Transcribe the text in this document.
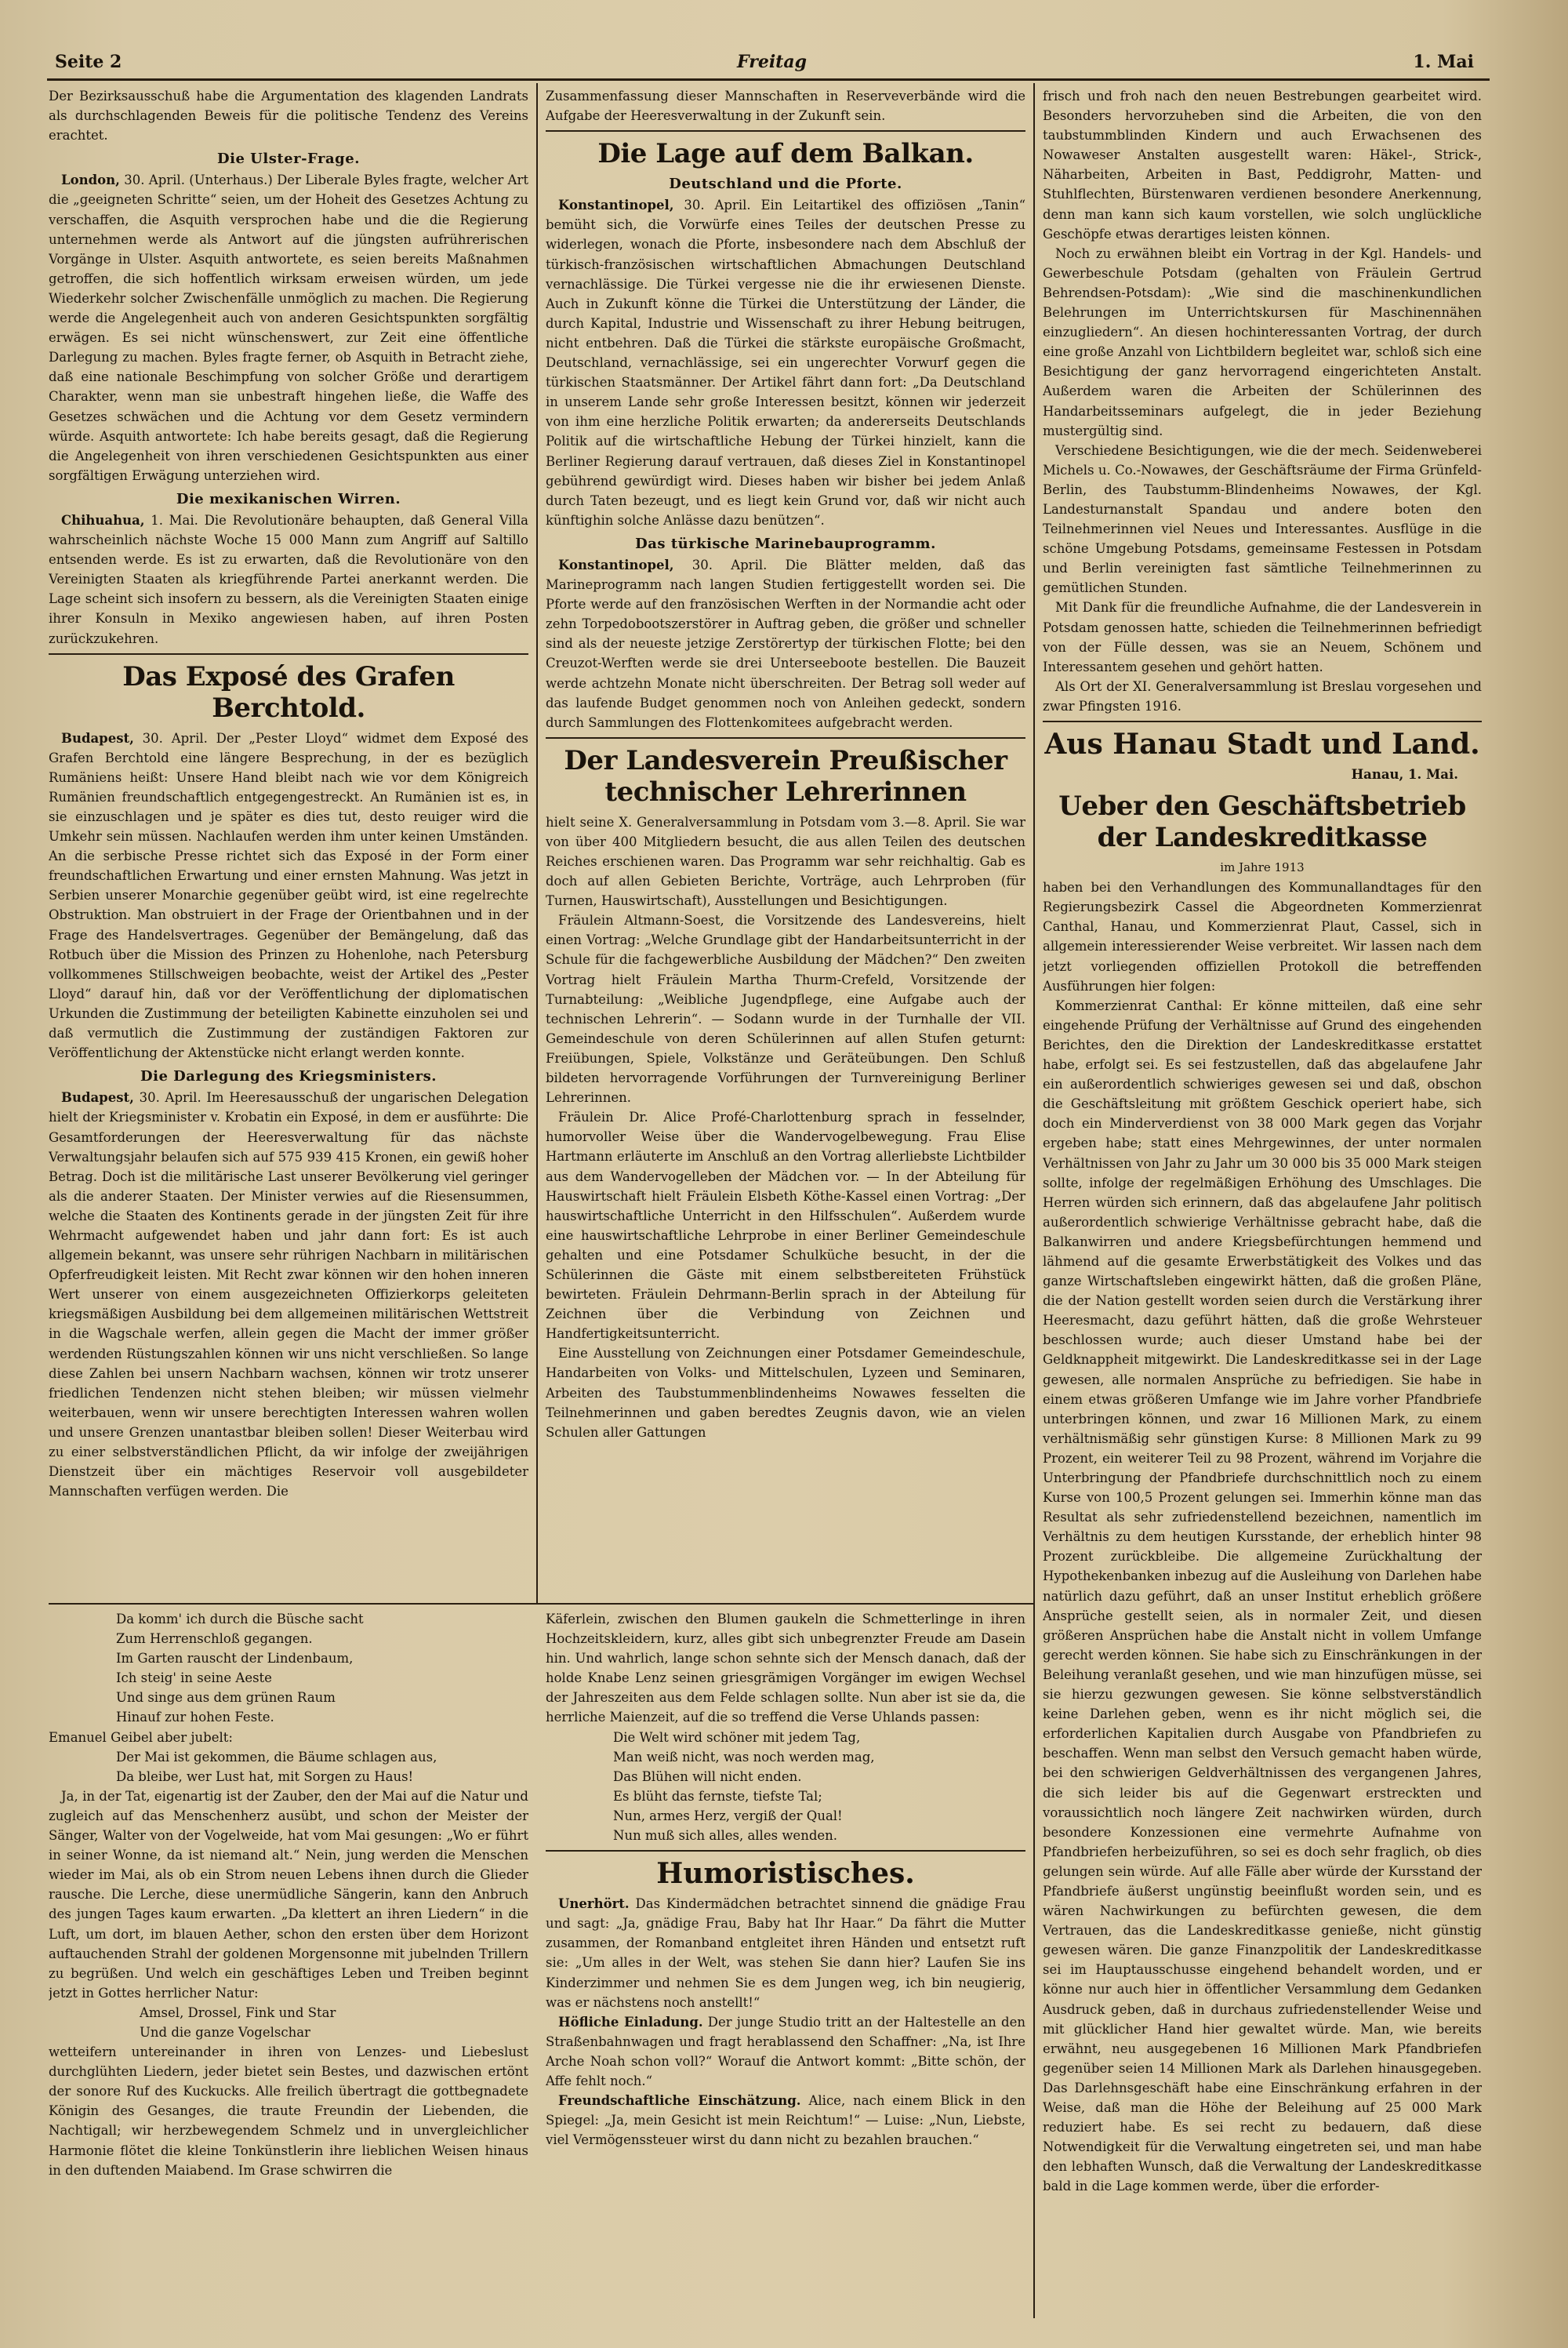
Seite 2	Freitag	1. Mai

Der Bezirksausschuß habe die Argumentation des klagenden Landrats als durchschlagenden Beweis für die politische Tendenz des Vereins erachtet.

Die Ulster-Frage.

London, 30. April. (Unterhaus.) Der Liberale Byles fragte, welcher Art die „geeigneten Schritte“ seien, um der Hoheit des Gesetzes Achtung zu verschaffen, die Asquith versprochen habe und die die Regierung unternehmen werde als Antwort auf die jüngsten aufrührerischen Vorgänge in Ulster. Asquith antwortete, es seien bereits Maßnahmen getroffen, die sich hoffentlich wirksam erweisen würden, um jede Wiederkehr solcher Zwischenfälle unmöglich zu machen. Die Regierung werde die Angelegenheit auch von anderen Gesichtspunkten sorgfältig erwägen. Es sei nicht wünschenswert, zur Zeit eine öffentliche Darlegung zu machen. Byles fragte ferner, ob Asquith in Betracht ziehe, daß eine nationale Beschimpfung von solcher Größe und derartigem Charakter, wenn man sie unbestraft hingehen ließe, die Waffe des Gesetzes schwächen und die Achtung vor dem Gesetz vermindern würde. Asquith antwortete: Ich habe bereits gesagt, daß die Regierung die Angelegenheit von ihren verschiedenen Gesichtspunkten aus einer sorgfältigen Erwägung unterziehen wird.

Die mexikanischen Wirren.

Chihuahua, 1. Mai. Die Revolutionäre behaupten, daß General Villa wahrscheinlich nächste Woche 15 000 Mann zum Angriff auf Saltillo entsenden werde. Es ist zu erwarten, daß die Revolutionäre von den Vereinigten Staaten als kriegführende Partei anerkannt werden. Die Lage scheint sich insofern zu bessern, als die Vereinigten Staaten einige ihrer Konsuln in Mexiko angewiesen haben, auf ihren Posten zurückzukehren.

Das Exposé des Grafen Berchtold.

Budapest, 30. April. Der „Pester Lloyd“ widmet dem Exposé des Grafen Berchtold eine längere Besprechung, in der es bezüglich Rumäniens heißt: Unsere Hand bleibt nach wie vor dem Königreich Rumänien freundschaftlich entgegengestreckt. An Rumänien ist es, in sie einzuschlagen und je später es dies tut, desto reuiger wird die Umkehr sein müssen. Nachlaufen werden ihm unter keinen Umständen. An die serbische Presse richtet sich das Exposé in der Form einer freundschaftlichen Erwartung und einer ernsten Mahnung. Was jetzt in Serbien unserer Monarchie gegenüber geübt wird, ist eine regelrechte Obstruktion. Man obstruiert in der Frage der Orientbahnen und in der Frage des Handelsvertrages. Gegenüber der Bemängelung, daß das Rotbuch über die Mission des Prinzen zu Hohenlohe, nach Petersburg vollkommenes Stillschweigen beobachte, weist der Artikel des „Pester Lloyd“ darauf hin, daß vor der Veröffentlichung der diplomatischen Urkunden die Zustimmung der beteiligten Kabinette einzuholen sei und daß vermutlich die Zustimmung der zuständigen Faktoren zur Veröffentlichung der Aktenstücke nicht erlangt werden konnte.

Die Darlegung des Kriegsministers.

Budapest, 30. April. Im Heeresausschuß der ungarischen Delegation hielt der Kriegsminister v. Krobatin ein Exposé, in dem er ausführte: Die Gesamtforderungen der Heeresverwaltung für das nächste Verwaltungsjahr belaufen sich auf 575 939 415 Kronen, ein gewiß hoher Betrag. Doch ist die militärische Last unserer Bevölkerung viel geringer als die anderer Staaten. Der Minister verwies auf die Riesensummen, welche die Staaten des Kontinents gerade in der jüngsten Zeit für ihre Wehrmacht aufgewendet haben und jahr dann fort: Es ist auch allgemein bekannt, was unsere sehr rührigen Nachbarn in militärischen Opferfreudigkeit leisten. Mit Recht zwar können wir den hohen inneren Wert unserer von einem ausgezeichneten Offizierkorps geleiteten kriegsmäßigen Ausbildung bei dem allgemeinen militärischen Wettstreit in die Wagschale werfen, allein gegen die Macht der immer größer werdenden Rüstungszahlen können wir uns nicht verschließen. So lange diese Zahlen bei unsern Nachbarn wachsen, können wir trotz unserer friedlichen Tendenzen nicht stehen bleiben; wir müssen vielmehr weiterbauen, wenn wir unsere berechtigten Interessen wahren wollen und unsere Grenzen unantastbar bleiben sollen! Dieser Weiterbau wird zu einer selbstverständlichen Pflicht, da wir infolge der zweijährigen Dienstzeit über ein mächtiges Reservoir voll ausgebildeter Mannschaften verfügen werden. Die

Zusammenfassung dieser Mannschaften in Reserveverbände wird die Aufgabe der Heeresverwaltung in der Zukunft sein.

Die Lage auf dem Balkan.
Deutschland und die Pforte.

Konstantinopel, 30. April. Ein Leitartikel des offiziösen „Tanin“ bemüht sich, die Vorwürfe eines Teiles der deutschen Presse zu widerlegen, wonach die Pforte, insbesondere nach dem Abschluß der türkisch-französischen wirtschaftlichen Abmachungen Deutschland vernachlässige. Die Türkei vergesse nie die ihr erwiesenen Dienste. Auch in Zukunft könne die Türkei die Unterstützung der Länder, die durch Kapital, Industrie und Wissenschaft zu ihrer Hebung beitrugen, nicht entbehren. Daß die Türkei die stärkste europäische Großmacht, Deutschland, vernachlässige, sei ein ungerechter Vorwurf gegen die türkischen Staatsmänner. Der Artikel fährt dann fort: „Da Deutschland in unserem Lande sehr große Interessen besitzt, können wir jederzeit von ihm eine herzliche Politik erwarten; da andererseits Deutschlands Politik auf die wirtschaftliche Hebung der Türkei hinzielt, kann die Berliner Regierung darauf vertrauen, daß dieses Ziel in Konstantinopel gebührend gewürdigt wird. Dieses haben wir bisher bei jedem Anlaß durch Taten bezeugt, und es liegt kein Grund vor, daß wir nicht auch künftighin solche Anlässe dazu benützen“.

Das türkische Marinebauprogramm.

Konstantinopel, 30. April. Die Blätter melden, daß das Marineprogramm nach langen Studien fertiggestellt worden sei. Die Pforte werde auf den französischen Werften in der Normandie acht oder zehn Torpedobootszerstörer in Auftrag geben, die größer und schneller sind als der neueste jetzige Zerstörertyp der türkischen Flotte; bei den Creuzot-Werften werde sie drei Unterseeboote bestellen. Die Bauzeit werde achtzehn Monate nicht überschreiten. Der Betrag soll weder auf das laufende Budget genommen noch von Anleihen gedeckt, sondern durch Sammlungen des Flottenkomitees aufgebracht werden.

Der Landesverein Preußischer technischer Lehrerinnen

hielt seine X. Generalversammlung in Potsdam vom 3.—8. April. Sie war von über 400 Mitgliedern besucht, die aus allen Teilen des deutschen Reiches erschienen waren. Das Programm war sehr reichhaltig. Gab es doch auf allen Gebieten Berichte, Vorträge, auch Lehrproben (für Turnen, Hauswirtschaft), Ausstellungen und Besichtigungen.

Fräulein Altmann-Soest, die Vorsitzende des Landesvereins, hielt einen Vortrag: „Welche Grundlage gibt der Handarbeitsunterricht in der Schule für die fachgewerbliche Ausbildung der Mädchen?“ Den zweiten Vortrag hielt Fräulein Martha Thurm-Crefeld, Vorsitzende der Turnabteilung: „Weibliche Jugendpflege, eine Aufgabe auch der technischen Lehrerin“. — Sodann wurde in der Turnhalle der VII. Gemeindeschule von deren Schülerinnen auf allen Stufen geturnt: Freiübungen, Spiele, Volkstänze und Geräteübungen. Den Schluß bildeten hervorragende Vorführungen der Turnvereinigung Berliner Lehrerinnen.

Fräulein Dr. Alice Profé-Charlottenburg sprach in fesselnder, humorvoller Weise über die Wandervogelbewegung. Frau Elise Hartmann erläuterte im Anschluß an den Vortrag allerliebste Lichtbilder aus dem Wandervogelleben der Mädchen vor. — In der Abteilung für Hauswirtschaft hielt Fräulein Elsbeth Köthe-Kassel einen Vortrag: „Der hauswirtschaftliche Unterricht in den Hilfsschulen“. Außerdem wurde eine hauswirtschaftliche Lehrprobe in einer Berliner Gemeindeschule gehalten und eine Potsdamer Schulküche besucht, in der die Schülerinnen die Gäste mit einem selbstbereiteten Frühstück bewirteten. Fräulein Dehrmann-Berlin sprach in der Abteilung für Zeichnen über die Verbindung von Zeichnen und Handfertigkeitsunterricht.

Eine Ausstellung von Zeichnungen einer Potsdamer Gemeindeschule, Handarbeiten von Volks- und Mittelschulen, Lyzeen und Seminaren, Arbeiten des Taubstummenblindenheims Nowawes fesselten die Teilnehmerinnen und gaben beredtes Zeugnis davon, wie an vielen Schulen aller Gattungen

frisch und froh nach den neuen Bestrebungen gearbeitet wird. Besonders hervorzuheben sind die Arbeiten, die von den taubstummblinden Kindern und auch Erwachsenen des Nowaweser Anstalten ausgestellt waren: Häkel-, Strick-, Näharbeiten, Arbeiten in Bast, Peddigrohr, Matten- und Stuhlflechten, Bürstenwaren verdienen besondere Anerkennung, denn man kann sich kaum vorstellen, wie solch unglückliche Geschöpfe etwas derartiges leisten können.

Noch zu erwähnen bleibt ein Vortrag in der Kgl. Handels- und Gewerbeschule Potsdam (gehalten von Fräulein Gertrud Behrendsen-Potsdam): „Wie sind die maschinenkundlichen Belehrungen im Unterrichtskursen für Maschinennähen einzugliedern“. An diesen hochinteressanten Vortrag, der durch eine große Anzahl von Lichtbildern begleitet war, schloß sich eine Besichtigung der ganz hervorragend eingerichteten Anstalt. Außerdem waren die Arbeiten der Schülerinnen des Handarbeitsseminars aufgelegt, die in jeder Beziehung mustergültig sind.

Verschiedene Besichtigungen, wie die der mech. Seidenweberei Michels u. Co.-Nowawes, der Geschäftsräume der Firma Grünfeld-Berlin, des Taubstumm-Blindenheims Nowawes, der Kgl. Landesturnanstalt Spandau und andere boten den Teilnehmerinnen viel Neues und Interessantes. Ausflüge in die schöne Umgebung Potsdams, gemeinsame Festessen in Potsdam und Berlin vereinigten fast sämtliche Teilnehmerinnen zu gemütlichen Stunden.

Mit Dank für die freundliche Aufnahme, die der Landesverein in Potsdam genossen hatte, schieden die Teilnehmerinnen befriedigt von der Fülle dessen, was sie an Neuem, Schönem und Interessantem gesehen und gehört hatten.

Als Ort der XI. Generalversammlung ist Breslau vorgesehen und zwar Pfingsten 1916.

Aus Hanau Stadt und Land.
Hanau, 1. Mai.
Ueber den Geschäftsbetrieb der Landeskreditkasse
im Jahre 1913

haben bei den Verhandlungen des Kommunallandtages für den Regierungsbezirk Cassel die Abgeordneten Kommerzienrat Canthal, Hanau, und Kommerzienrat Plaut, Cassel, sich in allgemein interessierender Weise verbreitet. Wir lassen nach dem jetzt vorliegenden offiziellen Protokoll die betreffenden Ausführungen hier folgen:

Kommerzienrat Canthal: Er könne mitteilen, daß eine sehr eingehende Prüfung der Verhältnisse auf Grund des eingehenden Berichtes, den die Direktion der Landeskreditkasse erstattet habe, erfolgt sei. Es sei festzustellen, daß das abgelaufene Jahr ein außerordentlich schwieriges gewesen sei und daß, obschon die Geschäftsleitung mit größtem Geschick operiert habe, sich doch ein Minderverdienst von 38 000 Mark gegen das Vorjahr ergeben habe; statt eines Mehrgewinnes, der unter normalen Verhältnissen von Jahr zu Jahr um 30 000 bis 35 000 Mark steigen sollte, infolge der regelmäßigen Erhöhung des Umschlages. Die Herren würden sich erinnern, daß das abgelaufene Jahr politisch außerordentlich schwierige Verhältnisse gebracht habe, daß die Balkanwirren und andere Kriegsbefürchtungen hemmend und lähmend auf die gesamte Erwerbstätigkeit des Volkes und das ganze Wirtschaftsleben eingewirkt hätten, daß die großen Pläne, die der Nation gestellt worden seien durch die Verstärkung ihrer Heeresmacht, dazu geführt hätten, daß die große Wehrsteuer beschlossen wurde; auch dieser Umstand habe bei der Geldknappheit mitgewirkt. Die Landeskreditkasse sei in der Lage gewesen, alle normalen Ansprüche zu befriedigen. Sie habe in einem etwas größeren Umfange wie im Jahre vorher Pfandbriefe unterbringen können, und zwar 16 Millionen Mark, zu einem verhältnismäßig sehr günstigen Kurse: 8 Millionen Mark zu 99 Prozent, ein weiterer Teil zu 98 Prozent, während im Vorjahre die Unterbringung der Pfandbriefe durchschnittlich noch zu einem Kurse von 100,5 Prozent gelungen sei. Immerhin könne man das Resultat als sehr zufriedenstellend bezeichnen, namentlich im Verhältnis zu dem heutigen Kursstande, der erheblich hinter 98 Prozent zurückbleibe. Die allgemeine Zurückhaltung der Hypothekenbanken inbezug auf die Ausleihung von Darlehen habe natürlich dazu geführt, daß an unser Institut erheblich größere Ansprüche gestellt seien, als in normaler Zeit, und diesen größeren Ansprüchen habe die Anstalt nicht in vollem Umfange gerecht werden können. Sie habe sich zu Einschränkungen in der Beleihung veranlaßt gesehen, und wie man hinzufügen müsse, sei sie hierzu gezwungen gewesen. Sie könne selbstverständlich keine Darlehen geben, wenn es ihr nicht möglich sei, die erforderlichen Kapitalien durch Ausgabe von Pfandbriefen zu beschaffen. Wenn man selbst den Versuch gemacht haben würde, bei den schwierigen Geldverhältnissen des vergangenen Jahres, die sich leider bis auf die Gegenwart erstreckten und voraussichtlich noch längere Zeit nachwirken würden, durch besondere Konzessionen eine vermehrte Aufnahme von Pfandbriefen herbeizuführen, so sei es doch sehr fraglich, ob dies gelungen sein würde. Auf alle Fälle aber würde der Kursstand der Pfandbriefe äußerst ungünstig beeinflußt worden sein, und es wären Nachwirkungen zu befürchten gewesen, die dem Vertrauen, das die Landeskreditkasse genieße, nicht günstig gewesen wären. Die ganze Finanzpolitik der Landeskreditkasse sei im Hauptausschusse eingehend behandelt worden, und er könne nur auch hier in öffentlicher Versammlung dem Gedanken Ausdruck geben, daß in durchaus zufriedenstellender Weise und mit glücklicher Hand hier gewaltet würde. Man, wie bereits erwähnt, neu ausgegebenen 16 Millionen Mark Pfandbriefen gegenüber seien 14 Millionen Mark als Darlehen hinausgegeben. Das Darlehnsgeschäft habe eine Einschränkung erfahren in der Weise, daß man die Höhe der Beleihung auf 25 000 Mark reduziert habe. Es sei recht zu bedauern, daß diese Notwendigkeit für die Verwaltung eingetreten sei, und man habe den lebhaften Wunsch, daß die Verwaltung der Landeskreditkasse bald in die Lage kommen werde, über die erforder-

Da komm' ich durch die Büsche sacht

Zum Herrenschloß gegangen.

Im Garten rauscht der Lindenbaum,

Ich steig' in seine Aeste

Und singe aus dem grünen Raum

Hinauf zur hohen Feste.

Emanuel Geibel aber jubelt:

Der Mai ist gekommen, die Bäume schlagen aus,

Da bleibe, wer Lust hat, mit Sorgen zu Haus!

Ja, in der Tat, eigenartig ist der Zauber, den der Mai auf die Natur und zugleich auf das Menschenherz ausübt, und schon der Meister der Sänger, Walter von der Vogelweide, hat vom Mai gesungen: „Wo er führt in seiner Wonne, da ist niemand alt.“ Nein, jung werden die Menschen wieder im Mai, als ob ein Strom neuen Lebens ihnen durch die Glieder rausche. Die Lerche, diese unermüdliche Sängerin, kann den Anbruch des jungen Tages kaum erwarten. „Da klettert an ihren Liedern“ in die Luft, um dort, im blauen Aether, schon den ersten über dem Horizont auftauchenden Strahl der goldenen Morgensonne mit jubelnden Trillern zu begrüßen. Und welch ein geschäftiges Leben und Treiben beginnt jetzt in Gottes herrlicher Natur:

Amsel, Drossel, Fink und Star

Und die ganze Vogelschar

wetteifern untereinander in ihren von Lenzes- und Liebeslust durchglühten Liedern, jeder bietet sein Bestes, und dazwischen ertönt der sonore Ruf des Kuckucks. Alle freilich übertragt die gottbegnadete Königin des Gesanges, die traute Freundin der Liebenden, die Nachtigall; wir herzbewegendem Schmelz und in unvergleichlicher Harmonie flötet die kleine Tonkünstlerin ihre lieblichen Weisen hinaus in den duftenden Maiabend. Im Grase schwirren die

Käferlein, zwischen den Blumen gaukeln die Schmetterlinge in ihren Hochzeitskleidern, kurz, alles gibt sich unbegrenzter Freude am Dasein hin. Und wahrlich, lange schon sehnte sich der Mensch danach, daß der holde Knabe Lenz seinen griesgrämigen Vorgänger im ewigen Wechsel der Jahreszeiten aus dem Felde schlagen sollte. Nun aber ist sie da, die herrliche Maienzeit, auf die so treffend die Verse Uhlands passen:

Die Welt wird schöner mit jedem Tag,

Man weiß nicht, was noch werden mag,

Das Blühen will nicht enden.

Es blüht das fernste, tiefste Tal;

Nun, armes Herz, vergiß der Qual!

Nun muß sich alles, alles wenden.

Humoristisches.

Unerhört. Das Kindermädchen betrachtet sinnend die gnädige Frau und sagt: „Ja, gnädige Frau, Baby hat Ihr Haar.“ Da fährt die Mutter zusammen, der Romanband entgleitet ihren Händen und entsetzt ruft sie: „Um alles in der Welt, was stehen Sie dann hier? Laufen Sie ins Kinderzimmer und nehmen Sie es dem Jungen weg, ich bin neugierig, was er nächstens noch anstellt!“

Höfliche Einladung. Der junge Studio tritt an der Haltestelle an den Straßenbahnwagen und fragt herablassend den Schaffner: „Na, ist Ihre Arche Noah schon voll?“ Worauf die Antwort kommt: „Bitte schön, der Affe fehlt noch.“

Freundschaftliche Einschätzung. Alice, nach einem Blick in den Spiegel: „Ja, mein Gesicht ist mein Reichtum!“ — Luise: „Nun, Liebste, viel Vermögenssteuer wirst du dann nicht zu bezahlen brauchen.“
